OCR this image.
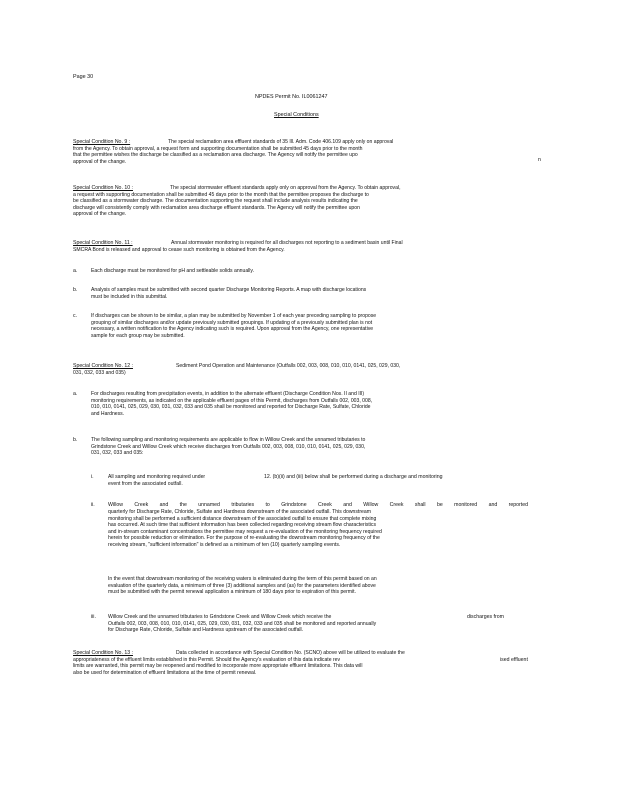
Page 30
NPDES Permit No. IL0061247
Special Conditions
Special Condition No. 9 :	The special reclamation area effluent standards of 35 Ill. Adm. Code 406.109 apply only on approval
from the Agency. To obtain approval, a request form and supporting documentation shall be submitted 45 days prior to the month
that the permittee wishes the discharge be classified as a reclamation area discharge. The Agency will notify the permittee upo
approval of the change.	n
Special Condition No. 10 :	The special stormwater effluent standards apply only on approval from the Agency. To obtain approval,
a request with supporting documentation shall be submitted 45 days prior to the month that the permittee proposes the discharge to
be classified as a stormwater discharge. The documentation supporting the request shall include analysis results indicating the
discharge will consistently comply with reclamation area discharge effluent standards. The Agency will notify the permittee upon
approval of the change.
Special Condition No. 11 :	Annual stormwater monitoring is required for all discharges not reporting to a sediment basin until Final
SMCRA Bond is released and approval to cease such monitoring is obtained from the Agency.
a.	Each discharge must be monitored for pH and settleable solids annually.
b.	Analysis of samples must be submitted with second quarter Discharge Monitoring Reports. A map with discharge locations
must be included in this submittal.
c.	If discharges can be shown to be similar, a plan may be submitted by November 1 of each year preceding sampling to propose
grouping of similar discharges and/or update previously submitted groupings. If updating of a previously submitted plan is not
necessary, a written notification to the Agency indicating such is required. Upon approval from the Agency, one representative
sample for each group may be submitted.
Special Condition No. 12 :	Sediment Pond Operation and Maintenance (Outfalls 002, 003, 008, 010, 010, 0141, 025, 029, 030,
031, 032, 033 and 035)
a.	For discharges resulting from precipitation events, in addition to the alternate effluent (Discharge Condition Nos. II and III)
monitoring requirements, as indicated on the applicable effluent pages of this Permit, discharges from Outfalls 002, 003, 008,
010, 010, 0141, 025, 029, 030, 031, 032, 033 and 035 shall be monitored and reported for Discharge Rate, Sulfate, Chloride
and Hardness.
b.	The following sampling and monitoring requirements are applicable to flow in Willow Creek and the unnamed tributaries to
Grindstone Creek and Willow Creek which receive discharges from Outfalls 002, 003, 008, 010, 010, 0141, 025, 029, 030,
031, 032, 033 and 035:
i.	All sampling and monitoring required under
event from the associated outfall.
12. (b)(ii) and (iii) below shall be performed during a discharge and monitoring
ii.	Willow Creek and the unnamed tributaries to Grindstone Creek and Willow Creek shall be monitored and reported
quarterly for Discharge Rate, Chloride, Sulfate and Hardness downstream of the associated outfall. This downstream
monitoring shall be performed a sufficient distance downstream of the associated outfall to ensure that complete mixing
has occurred. At such time that sufficient information has been collected regarding receiving stream flow characteristics
and in-stream contaminant concentrations the permittee may request a re-evaluation of the monitoring frequency required
herein for possible reduction or elimination. For the purpose of re-evaluating the downstream monitoring frequency of the
receiving stream, "sufficient information" is defined as a minimum of ten (10) quarterly sampling events.
In the event that downstream monitoring of the receiving waters is eliminated during the term of this permit based on an
evaluation of the quarterly data, a minimum of three (3) additional samples and (as) for the parameters identified above
must be submitted with the permit renewal application a minimum of 180 days prior to expiration of this permit.
iii. Willow Creek and the unnamed tributaries to Grindstone Creek and Willow Creek which receive the
Outfalls 002, 003, 008, 010, 010, 0141, 025, 029, 030, 031, 032, 033 and 035 shall be monitored and reported annually
for Discharge Rate, Chloride, Sulfate and Hardness upstream of the associated outfall.
discharges from
Special Condition No. 13 :	Data collected in accordance with Special Condition No. (SCNO) above will be utilized to evaluate the
appropriateness of the effluent limits established in this Permit. Should the Agency's evaluation of this data indicate rev
limits are warranted, this permit may be reopened and modified to incorporate more appropriate effluent limitations. This data will
also be used for determination of effluent limitations at the time of permit renewal.
ised effluent
